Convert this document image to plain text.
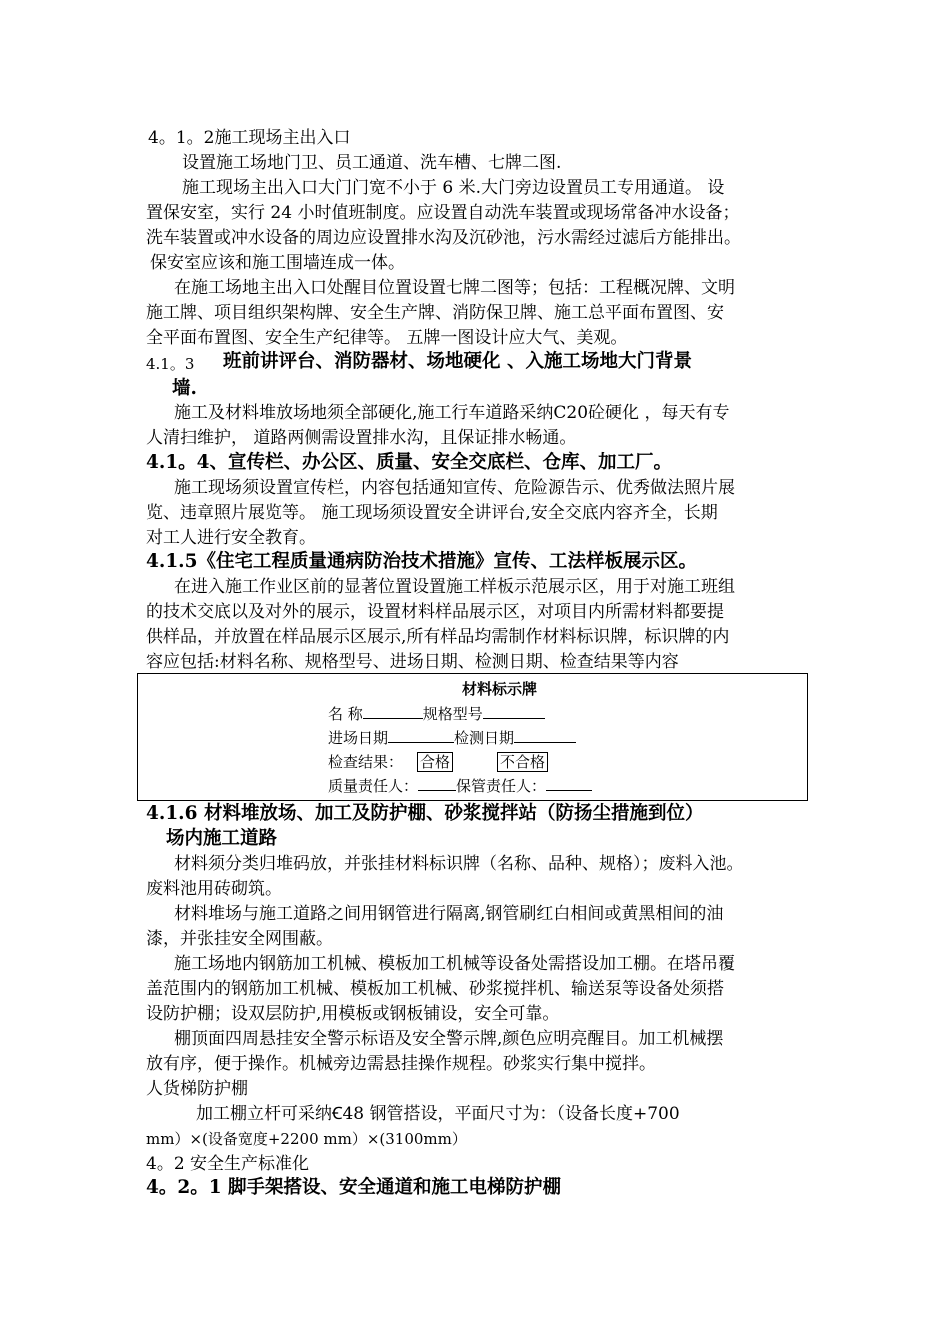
4。1。2施工现场主出入口
设置施工场地门卫、员工通道、洗车槽、七牌二图.
施工现场主出入口大门门宽不小于 6 米.大门旁边设置员工专用通道。 设
置保安室，实行 24 小时值班制度。应设置自动洗车装置或现场常备冲水设备；
洗车装置或冲水设备的周边应设置排水沟及沉砂池，污水需经过滤后方能排出。
保安室应该和施工围墙连成一体。
在施工场地主出入口处醒目位置设置七牌二图等；包括：工程概况牌、文明
施工牌、项目组织架构牌、安全生产牌、消防保卫牌、施工总平面布置图、安
全平面布置图、安全生产纪律等。 五牌一图设计应大气、美观。
4.1。3 班前讲评台、消防器材、场地硬化 、入施工场地大门背景
墙.
施工及材料堆放场地须全部硬化,施工行车道路采纳C20砼硬化 ，每天有专
人清扫维护， 道路两侧需设置排水沟，且保证排水畅通。
4.1。4、宣传栏、办公区、质量、安全交底栏、仓库、加工厂。
施工现场须设置宣传栏，内容包括通知宣传、危险源告示、优秀做法照片展
览、违章照片展览等。 施工现场须设置安全讲评台,安全交底内容齐全，长期
对工人进行安全教育。
4.1.5《住宅工程质量通病防治技术措施》宣传、工法样板展示区。
在进入施工作业区前的显著位置设置施工样板示范展示区，用于对施工班组
的技术交底以及对外的展示，设置材料样品展示区，对项目内所需材料都要提
供样品，并放置在样品展示区展示,所有样品均需制作材料标识牌，标识牌的内
容应包括:材料名称、规格型号、进场日期、检测日期、检查结果等内容
材料标示牌
名 称	规格型号
进场日期	检测日期
检查结果： 合格	不合格
质量责任人：	保管责任人：
4.1.6 材料堆放场、加工及防护棚、砂浆搅拌站（防扬尘措施到位）
场内施工道路
材料须分类归堆码放，并张挂材料标识牌（名称、品种、规格）；废料入池。
废料池用砖砌筑。
材料堆场与施工道路之间用钢管进行隔离,钢管刷红白相间或黄黑相间的油
漆，并张挂安全网围蔽。
施工场地内钢筋加工机械、模板加工机械等设备处需搭设加工棚。在塔吊覆
盖范围内的钢筋加工机械、模板加工机械、砂浆搅拌机、输送泵等设备处须搭
设防护棚；设双层防护,用模板或钢板铺设，安全可靠。
棚顶面四周悬挂安全警示标语及安全警示牌,颜色应明亮醒目。加工机械摆
放有序，便于操作。机械旁边需悬挂操作规程。砂浆实行集中搅拌。
人货梯防护棚
加工棚立杆可采纳Ꞓ48 钢管搭设，平面尺寸为：（设备长度+700
mm）×(设备宽度+2200 mm）×(3100mm）
4。2 安全生产标准化
4。2。1 脚手架搭设、安全通道和施工电梯防护棚
